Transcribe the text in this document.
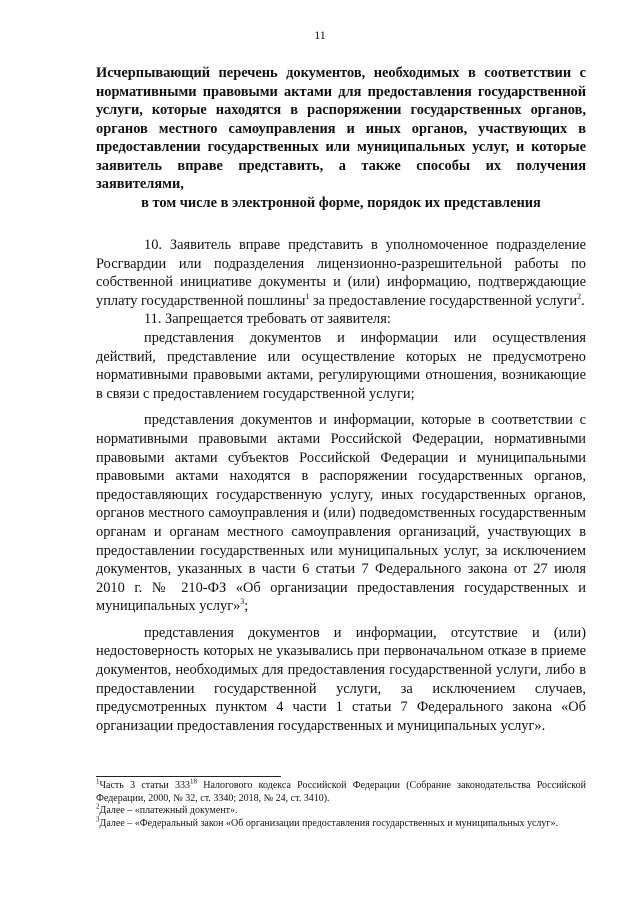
11
Исчерпывающий перечень документов, необходимых в соответствии с нормативными правовыми актами для предоставления государственной услуги, которые находятся в распоряжении государственных органов, органов местного самоуправления и иных органов, участвующих в предоставлении государственных или муниципальных услуг, и которые заявитель вправе представить, а также способы их получения заявителями,
в том числе в электронной форме, порядок их представления

10. Заявитель вправе представить в уполномоченное подразделение Росгвардии или подразделения лицензионно-разрешительной работы по собственной инициативе документы и (или) информацию, подтверждающие уплату государственной пошлины$^1$ за предоставление государственной услуги$^2$.

11. Запрещается требовать от заявителя:

представления документов и информации или осуществления действий, представление или осуществление которых не предусмотрено нормативными правовыми актами, регулирующими отношения, возникающие в связи с предоставлением государственной услуги;

представления документов и информации, которые в соответствии с нормативными правовыми актами Российской Федерации, нормативными правовыми актами субъектов Российской Федерации и муниципальными правовыми актами находятся в распоряжении государственных органов, предоставляющих государственную услугу, иных государственных органов, органов местного самоуправления и (или) подведомственных государственным органам и органам местного самоуправления организаций, участвующих в предоставлении государственных или муниципальных услуг, за исключением документов, указанных в части 6 статьи 7 Федерального закона от 27 июля 2010 г. № 210-ФЗ «Об организации предоставления государственных и муниципальных услуг»$^3$;

представления документов и информации, отсутствие и (или) недостоверность которых не указывались при первоначальном отказе в приеме документов, необходимых для предоставления государственной услуги, либо в предоставлении государственной услуги, за исключением случаев, предусмотренных пунктом 4 части 1 статьи 7 Федерального закона «Об организации предоставления государственных и муниципальных услуг».

$^1$Часть 3 статьи $333^{18}$ Налогового кодекса Российской Федерации (Собрание законодательства Российской Федерации, 2000, № 32, ст. 3340; 2018, № 24, ст. 3410).

$^2$Далее – «платежный документ».

$^3$Далее – «Федеральный закон «Об организации предоставления государственных и муниципальных услуг».
